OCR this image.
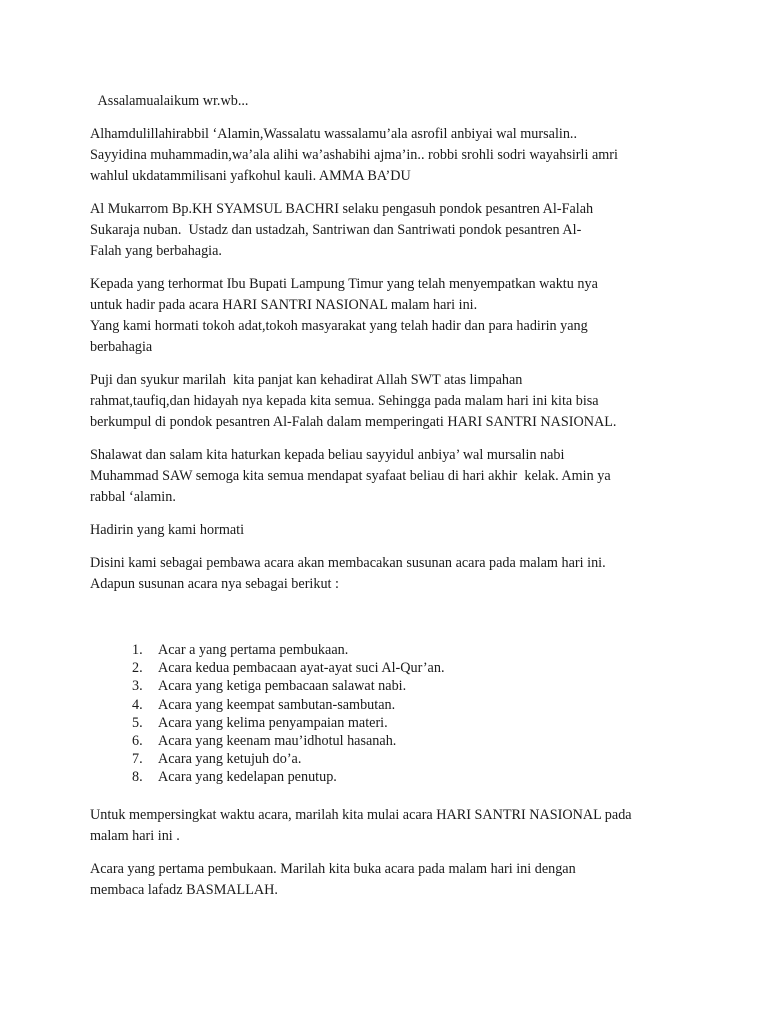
Assalamualaikum wr.wb...

Alhamdulillahirabbil ‘Alamin,Wassalatu wassalamu’ala asrofil anbiyai wal mursalin..
Sayyidina muhammadin,wa’ala alihi wa’ashabihi ajma’in.. robbi srohli sodri wayahsirli amri
wahlul ukdatammilisani yafkohul kauli. AMMA BA’DU

Al Mukarrom Bp.KH SYAMSUL BACHRI selaku pengasuh pondok pesantren Al-Falah
Sukaraja nuban.  Ustadz dan ustadzah, Santriwan dan Santriwati pondok pesantren Al-
Falah yang berbahagia.

Kepada yang terhormat Ibu Bupati Lampung Timur yang telah menyempatkan waktu nya
untuk hadir pada acara HARI SANTRI NASIONAL malam hari ini.
Yang kami hormati tokoh adat,tokoh masyarakat yang telah hadir dan para hadirin yang
berbahagia

Puji dan syukur marilah  kita panjat kan kehadirat Allah SWT atas limpahan
rahmat,taufiq,dan hidayah nya kepada kita semua. Sehingga pada malam hari ini kita bisa
berkumpul di pondok pesantren Al-Falah dalam memperingati HARI SANTRI NASIONAL.

Shalawat dan salam kita haturkan kepada beliau sayyidul anbiya’ wal mursalin nabi
Muhammad SAW semoga kita semua mendapat syafaat beliau di hari akhir  kelak. Amin ya
rabbal ‘alamin.

Hadirin yang kami hormati

Disini kami sebagai pembawa acara akan membacakan susunan acara pada malam hari ini.
Adapun susunan acara nya sebagai berikut :

1.	Acar a yang pertama pembukaan.
2.	Acara kedua pembacaan ayat-ayat suci Al-Qur’an.
3.	Acara yang ketiga pembacaan salawat nabi.
4.	Acara yang keempat sambutan-sambutan.
5.	Acara yang kelima penyampaian materi.
6.	Acara yang keenam mau’idhotul hasanah.
7.	Acara yang ketujuh do’a.
8.	Acara yang kedelapan penutup.

Untuk mempersingkat waktu acara, marilah kita mulai acara HARI SANTRI NASIONAL pada
malam hari ini .

Acara yang pertama pembukaan. Marilah kita buka acara pada malam hari ini dengan
membaca lafadz BASMALLAH.
